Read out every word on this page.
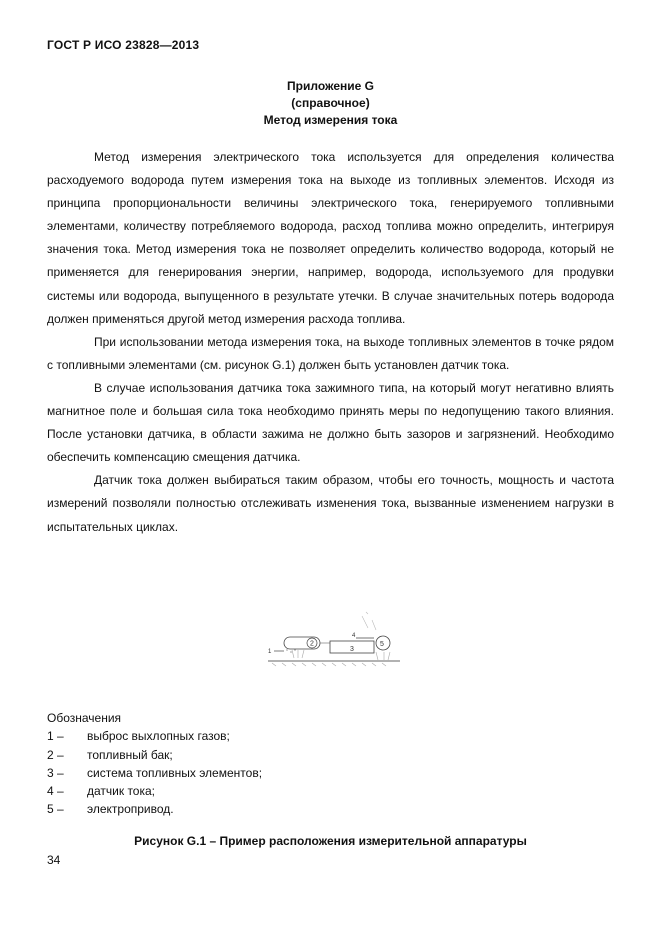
ГОСТ Р ИСО 23828—2013
Приложение G
(справочное)
Метод измерения тока

Метод измерения электрического тока используется для определения количества расходуемого водорода путем измерения тока на выходе из топливных элементов. Исходя из принципа пропорциональности величины электрического тока, генерируемого топливными элементами, количеству потребляемого водорода, расход топлива можно определить, интегрируя значения тока. Метод измерения тока не позволяет определить количество водорода, который не применяется для генерирования энергии, например, водорода, используемого для продувки системы или водорода, выпущенного в результате утечки. В случае значительных потерь водорода должен применяться другой метод измерения расхода топлива.

При использовании метода измерения тока, на выходе топливных элементов в точке рядом с топливными элементами (см. рисунок G.1) должен быть установлен датчик тока.

В случае использования датчика тока зажимного типа, на который могут негативно влиять магнитное поле и большая сила тока необходимо принять меры по недопущению такого влияния. После установки датчика, в области зажима не должно быть зазоров и загрязнений. Необходимо обеспечить компенсацию смещения датчика.

Датчик тока должен выбираться таким образом, чтобы его точность, мощность и частота измерений позволяли полностью отслеживать изменения тока, вызванные изменением нагрузки в испытательных циклах.

1
2
3
4
5
Обозначения
1 –	выброс выхлопных газов;
2 –	топливный бак;
3 –	система топливных элементов;
4 –	датчик тока;
5 –	электропривод.
Рисунок G.1 – Пример расположения измерительной аппаратуры
34
